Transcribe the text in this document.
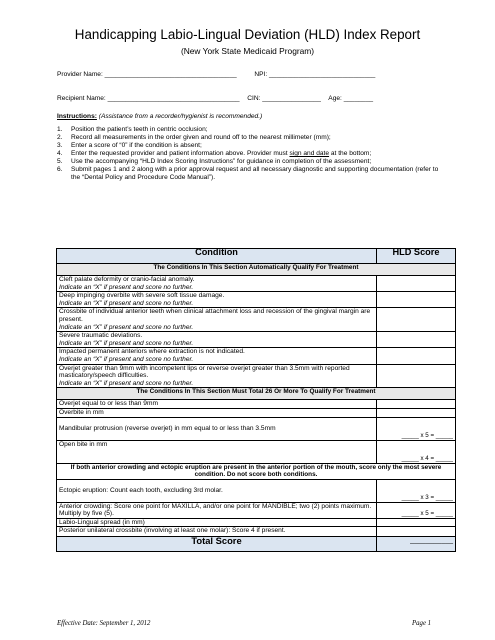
Handicapping Labio-Lingual Deviation (HLD) Index Report
(New York State Medicaid Program)
Provider Name: ____________________________________	NPI: _____________________________
Recipient Name: ____________________________________ CIN: ________________ Age: ________
Instructions: (Assistance from a recorder/hygienist is recommended.)
1.	Position the patient’s teeth in centric occlusion;
2.	Record all measurements in the order given and round off to the nearest millimeter (mm);
3.	Enter a score of “0” if the condition is absent;
4.	Enter the requested provider and patient information above. Provider must sign and date at the bottom;
5.	Use the accompanying “HLD Index Scoring Instructions” for guidance in completion of the assessment;
6.	Submit pages 1 and 2 along with a prior approval request and all necessary diagnostic and supporting documentation (refer to the “Dental Policy and Procedure Code Manual”).
Condition	HLD Score
The Conditions In This Section Automatically Qualify For Treatment	
Cleft palate deformity or cranio-facial anomaly.
Indicate an “X” if present and score no further.	

Deep impinging overbite with severe soft tissue damage.
Indicate an “X” if present and score no further.	

Crossbite of individual anterior teeth when clinical attachment loss and recession of the gingival margin are present.
Indicate an “X” if present and score no further.	

Severe traumatic deviations.
Indicate an “X” if present and score no further.	

Impacted permanent anteriors where extraction is not indicated.
Indicate an “X” if present and score no further.	

Overjet greater than 9mm with incompetent lips or reverse overjet greater than 3.5mm with reported masticatory/speech difficulties.
Indicate an “X” if present and score no further.	

The Conditions In This Section Must Total 26 Or More To Qualify For Treatment	
Overjet equal to or less than 9mm	
Overbite in mm	
Mandibular protrusion (reverse overjet) in mm equal to or less than 3.5mm	_____ x 5 = _____
Open bite in mm	_____ x 4 = _____
If both anterior crowding and ectopic eruption are present in the anterior portion of the mouth, score only the most severe condition. Do not score both conditions.	
Ectopic eruption: Count each tooth, excluding 3rd molar.	_____ x 3 = _____
Anterior crowding: Score one point for MAXILLA, and/or one point for MANDIBLE; two (2) points maximum. Multiply by five (5).	_____ x 5 = _____
Labio-Lingual spread (in mm)	
Posterior unilateral crossbite (involving at least one molar): Score 4 if present.	
Total Score	___________
Effective Date: September 1, 2012	Page 1
